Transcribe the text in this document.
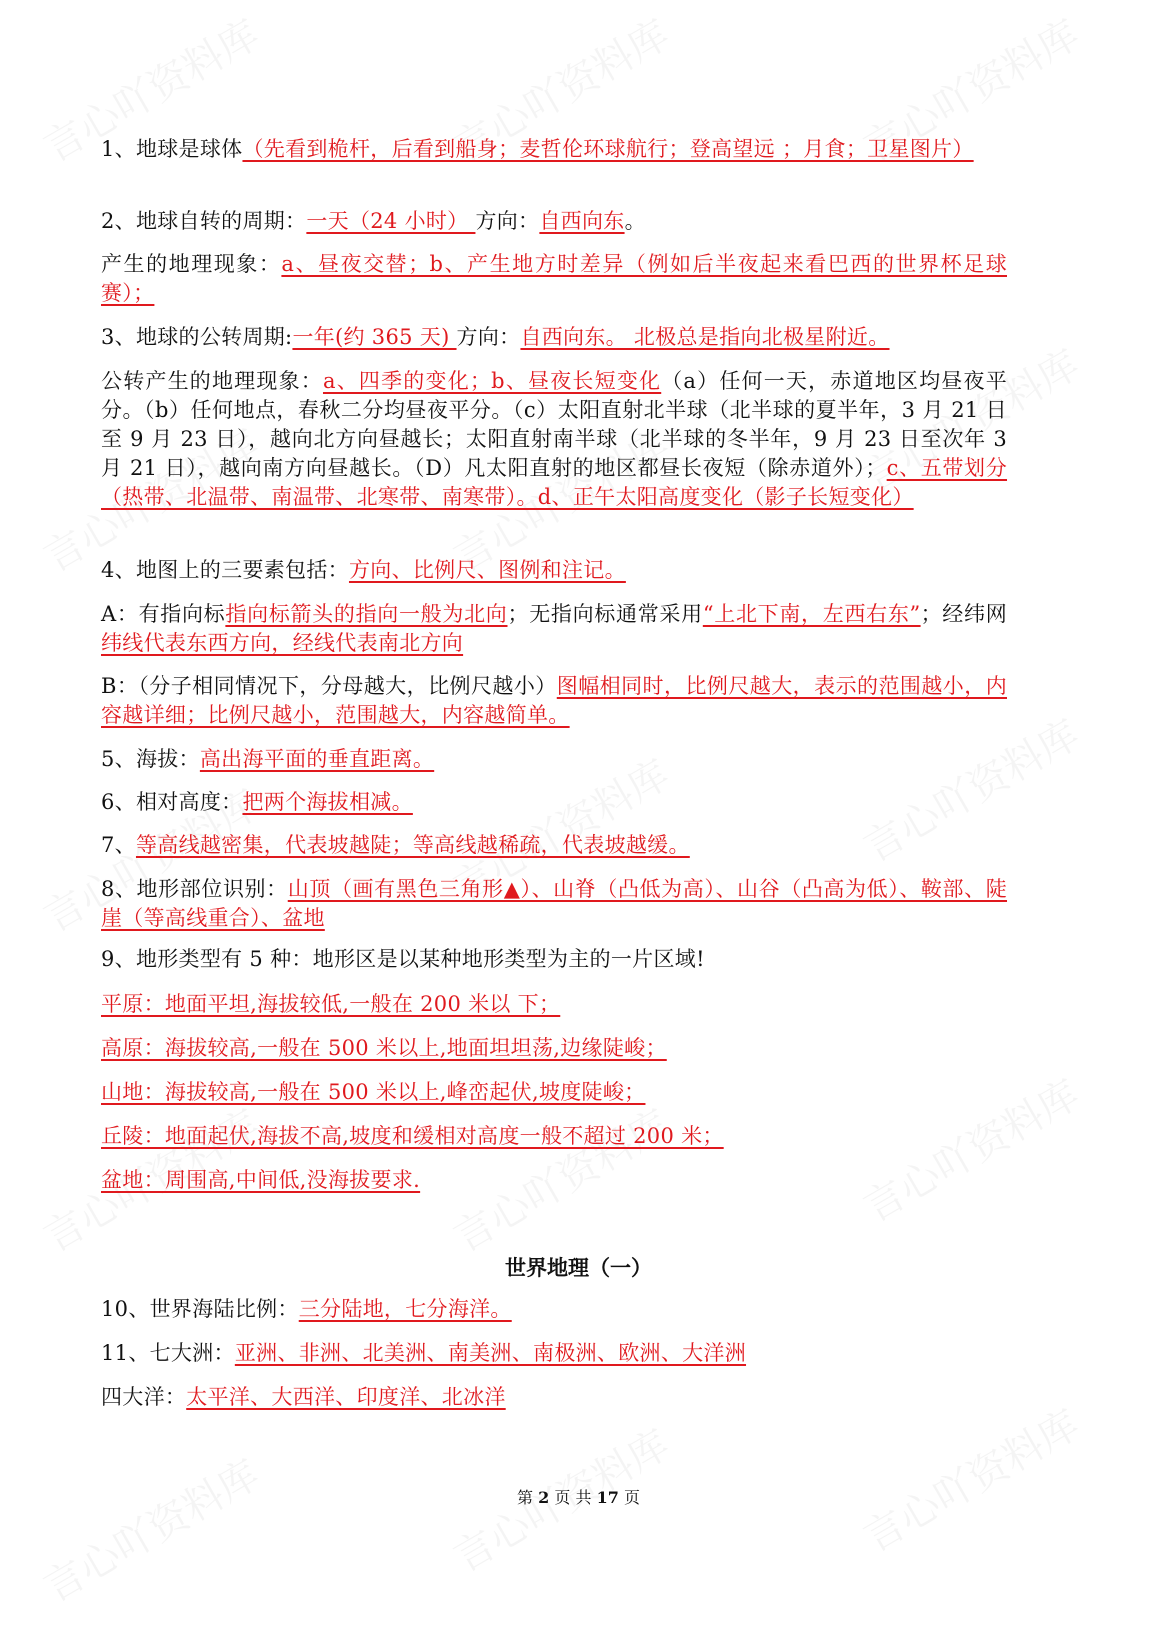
1、地球是球体（先看到桅杆，后看到船身；麦哲伦环球航行；登高望远 ；月食；卫星图片）
2、地球自转的周期：一天（24 小时） 方向：自西向东。
产生的地理现象：a、昼夜交替；b、产生地方时差异（例如后半夜起来看巴西的世界杯足球赛）；
3、地球的公转周期:一年(约 365 天) 方向：自西向东。 北极总是指向北极星附近。
公转产生的地理现象：a、四季的变化；b、昼夜长短变化（a）任何一天，赤道地区均昼夜平分。（b）任何地点，春秋二分均昼夜平分。（c）太阳直射北半球（北半球的夏半年，3 月 21 日至 9 月 23 日），越向北方向昼越长；太阳直射南半球（北半球的冬半年，9 月 23 日至次年 3 月 21 日），越向南方向昼越长。（D）凡太阳直射的地区都昼长夜短（除赤道外）；c、五带划分（热带、北温带、南温带、北寒带、南寒带）。d、正午太阳高度变化（影子长短变化）
4、地图上的三要素包括：方向、比例尺、图例和注记。
A：有指向标指向标箭头的指向一般为北向；无指向标通常采用“上北下南，左西右东”；经纬网纬线代表东西方向，经线代表南北方向
B：（分子相同情况下，分母越大，比例尺越小）图幅相同时，比例尺越大，表示的范围越小，内容越详细；比例尺越小，范围越大，内容越简单。
5、海拔：高出海平面的垂直距离。
6、相对高度：把两个海拔相减。
7、等高线越密集，代表坡越陡；等高线越稀疏，代表坡越缓。
8、地形部位识别：山顶（画有黑色三角形▲）、山脊（凸低为高）、山谷（凸高为低）、鞍部、陡崖（等高线重合）、盆地
9、地形类型有 5 种：地形区是以某种地形类型为主的一片区域!
平原：地面平坦,海拔较低,一般在 200 米以 下；
高原：海拔较高,一般在 500 米以上,地面坦坦荡,边缘陡峻；
山地：海拔较高,一般在 500 米以上,峰峦起伏,坡度陡峻；
丘陵：地面起伏,海拔不高,坡度和缓相对高度一般不超过 200 米；
盆地：周围高,中间低,没海拔要求.
10、世界海陆比例：三分陆地，七分海洋。
11、七大洲：亚洲、非洲、北美洲、南美洲、南极洲、欧洲、大洋洲
四大洋：太平洋、大西洋、印度洋、北冰洋
世界地理（一）
第 2 页 共 17 页
